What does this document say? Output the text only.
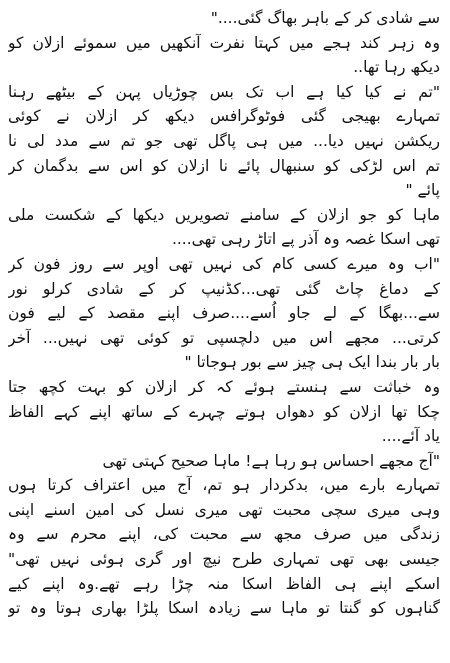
سے شادی کر کے باہر بھاگ گئی...."
وہ زہر کند ہجے میں کہتا نفرت آنکھیں میں سموئے ازلان کو
دیکھ رہا تھا..
"تم نے کیا کیا ہے اب تک بس چوڑیاں پہن کے بیٹھے رہنا
تمہارے بھیجی گئی فوٹوگرافس دیکھ کر ازلان نے کوئی
ریکشن نہیں دیا... میں ہی پاگل تھی جو تم سے مدد لی نا
تم اس لڑکی کو سنبھال پائے نا ازلان کو اس سے بدگمان کر
پائے "
ماہا کو جو ازلان کے سامنے تصویریں دیکھا کے شکست ملی
تھی اسکا غصہ وہ آذر پے اتاڑ رہی تھی....
"اب وہ میرے کسی کام کی نہیں تھی اوپر سے روز فون کر
کے دماغ چاٹ گئی تھی...کڈنیپ کر کے شادی کرلو نور
سے...بھگا کے لے جاو اُسے....صرف اپنے مقصد کے لیے فون
کرتی... مجھے اس میں دلچسپی تو کوئی تھی نہیں... آخر
بار بار بندا ایک ہی چیز سے بور ہوجاتا "
وہ خباثت سے ہنستے ہوئے کہ کر ازلان کو بہت کچھ جتا
چکا تھا ازلان کو دھواں ہوتے چہرے کے ساتھ اپنے کہے الفاظ
یاد آئے....
"آج مجھے احساس ہو رہا ہے! ماہا صحیح کہتی تھی
تمہارے بارے میں، بدکردار ہو تم، آج میں اعتراف کرتا ہوں
وہی میری سچی محبت تھی میری نسل کی امین اسنے اپنی
زندگی میں صرف مجھ سے محبت کی، اپنے محرم سے وہ
جیسی بھی تھی تمہاری طرح نیچ اور گری ہوئی نہیں تھی"
اسکے اپنے ہی الفاظ اسکا منہ چڑا رہے تھے.وہ اپنے کیے
گناہوں کو گنتا تو ماہا سے زیادہ اسکا پلڑا بھاری ہوتا وہ تو
